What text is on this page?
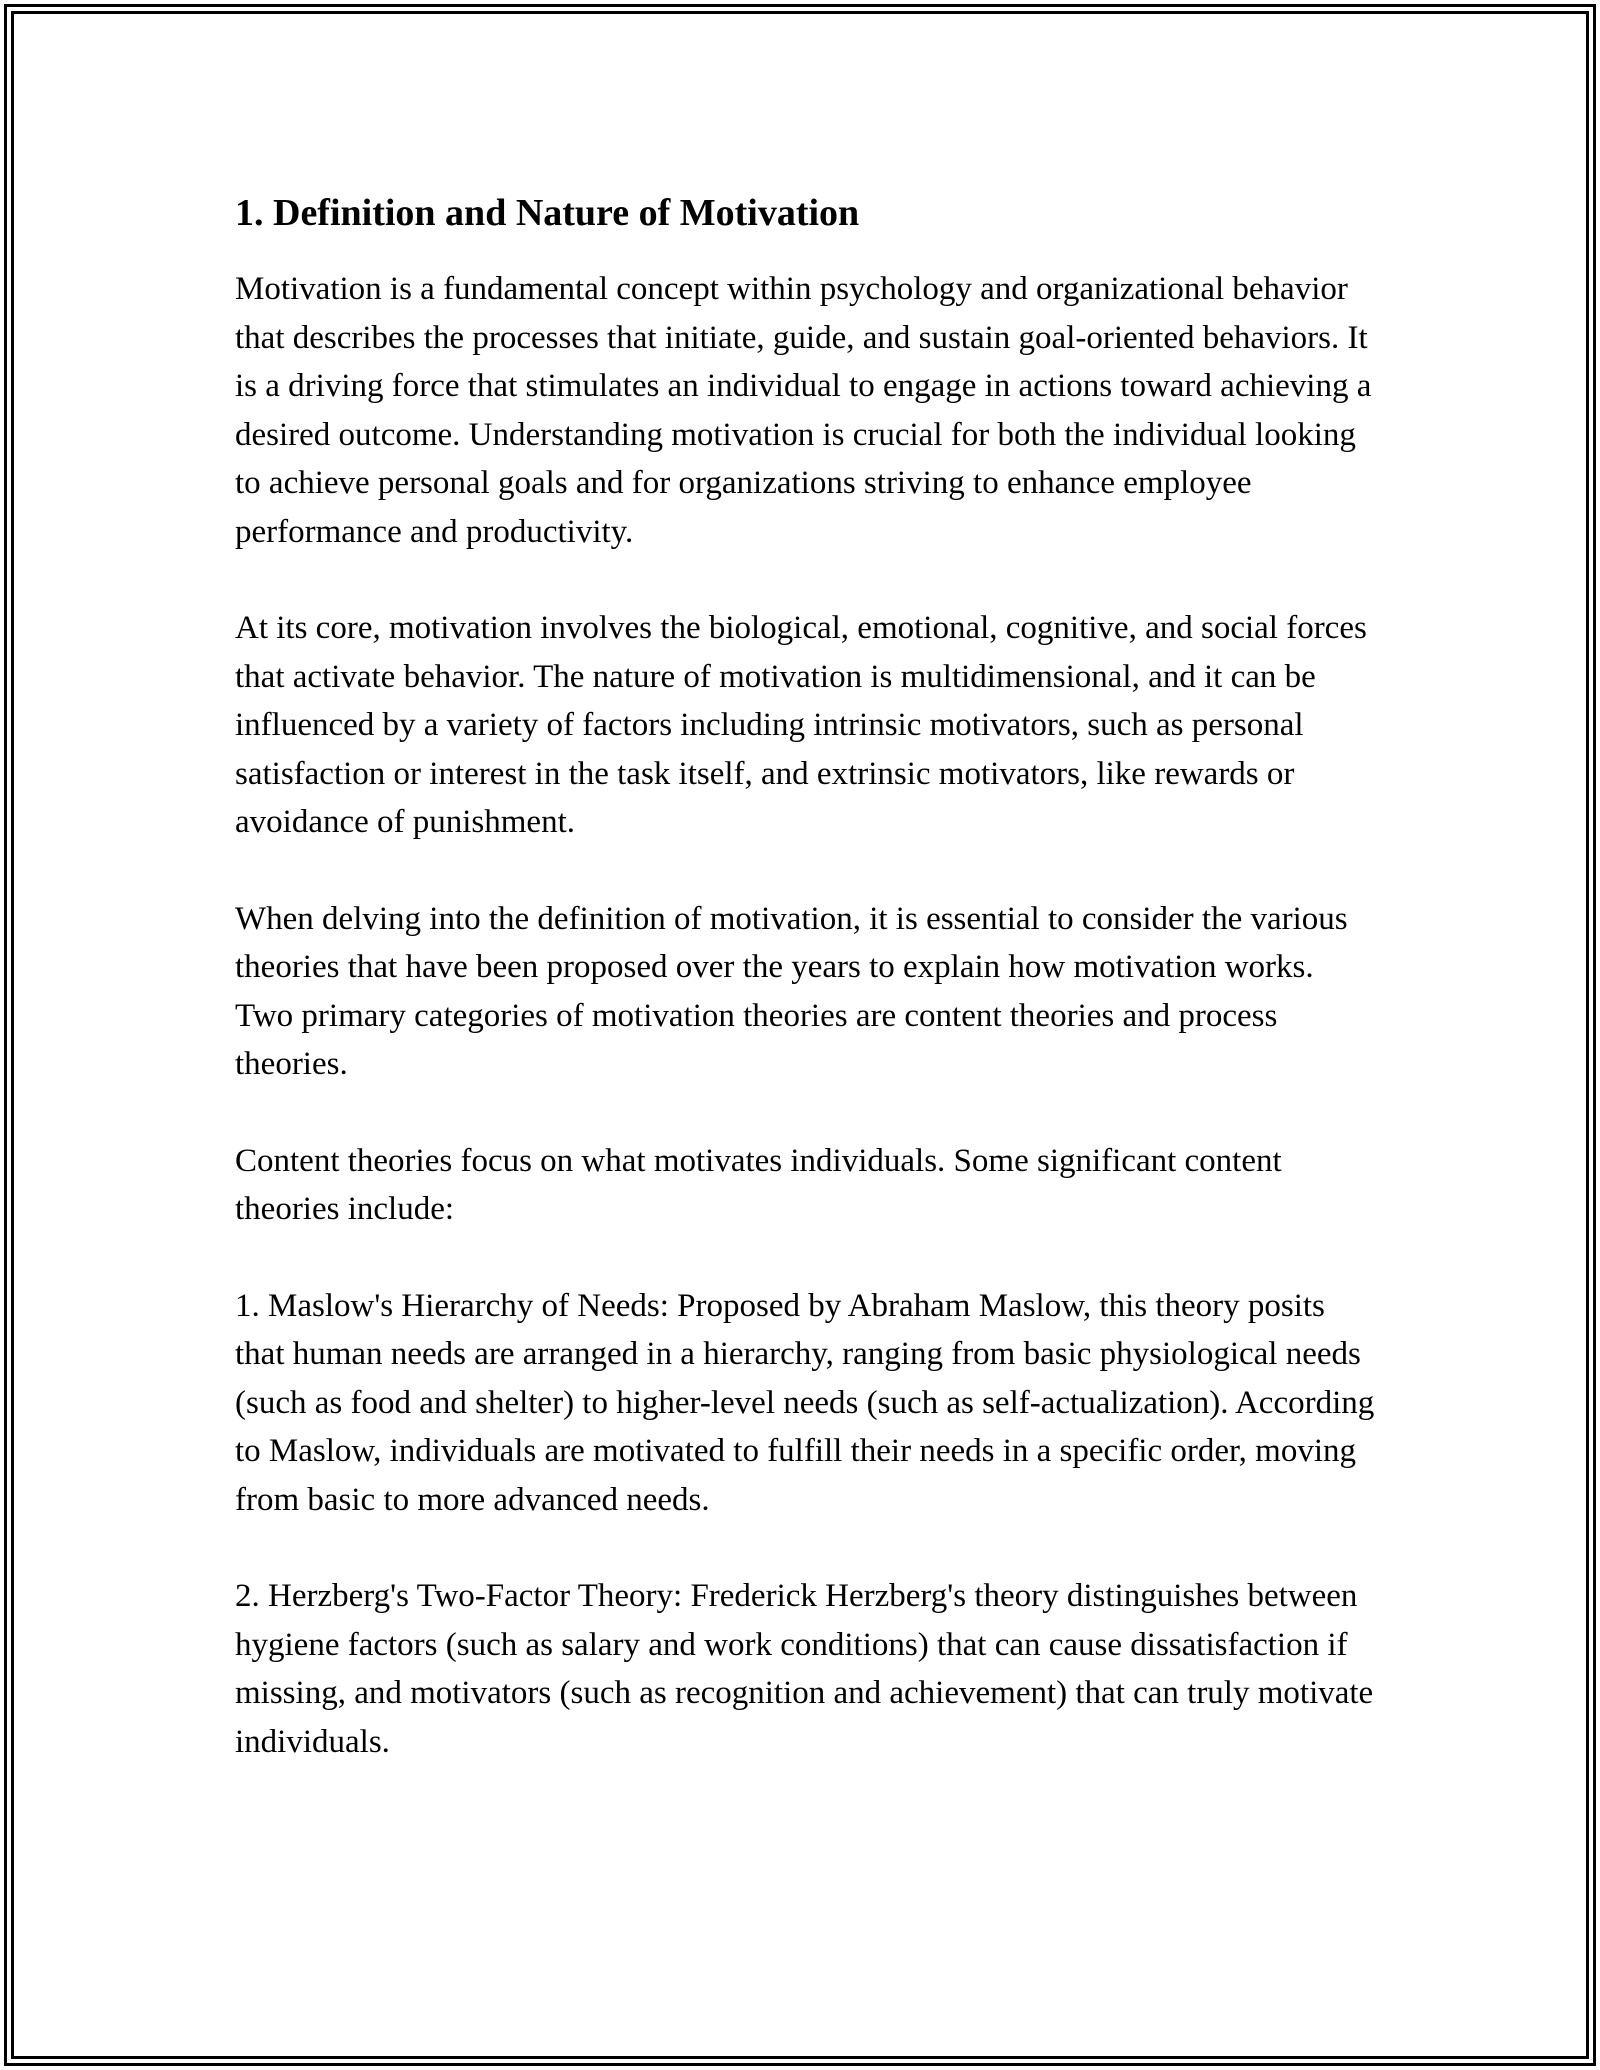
1. Definition and Nature of Motivation

Motivation is a fundamental concept within psychology and organizational behavior that describes the processes that initiate, guide, and sustain goal-oriented behaviors. It is a driving force that stimulates an individual to engage in actions toward achieving a desired outcome. Understanding motivation is crucial for both the individual looking to achieve personal goals and for organizations striving to enhance employee performance and productivity.

At its core, motivation involves the biological, emotional, cognitive, and social forces that activate behavior. The nature of motivation is multidimensional, and it can be influenced by a variety of factors including intrinsic motivators, such as personal satisfaction or interest in the task itself, and extrinsic motivators, like rewards or avoidance of punishment.

When delving into the definition of motivation, it is essential to consider the various theories that have been proposed over the years to explain how motivation works. Two primary categories of motivation theories are content theories and process theories.

Content theories focus on what motivates individuals. Some significant content theories include:

1. Maslow's Hierarchy of Needs: Proposed by Abraham Maslow, this theory posits that human needs are arranged in a hierarchy, ranging from basic physiological needs (such as food and shelter) to higher-level needs (such as self-actualization). According to Maslow, individuals are motivated to fulfill their needs in a specific order, moving from basic to more advanced needs.

2. Herzberg's Two-Factor Theory: Frederick Herzberg's theory distinguishes between hygiene factors (such as salary and work conditions) that can cause dissatisfaction if missing, and motivators (such as recognition and achievement) that can truly motivate individuals.
